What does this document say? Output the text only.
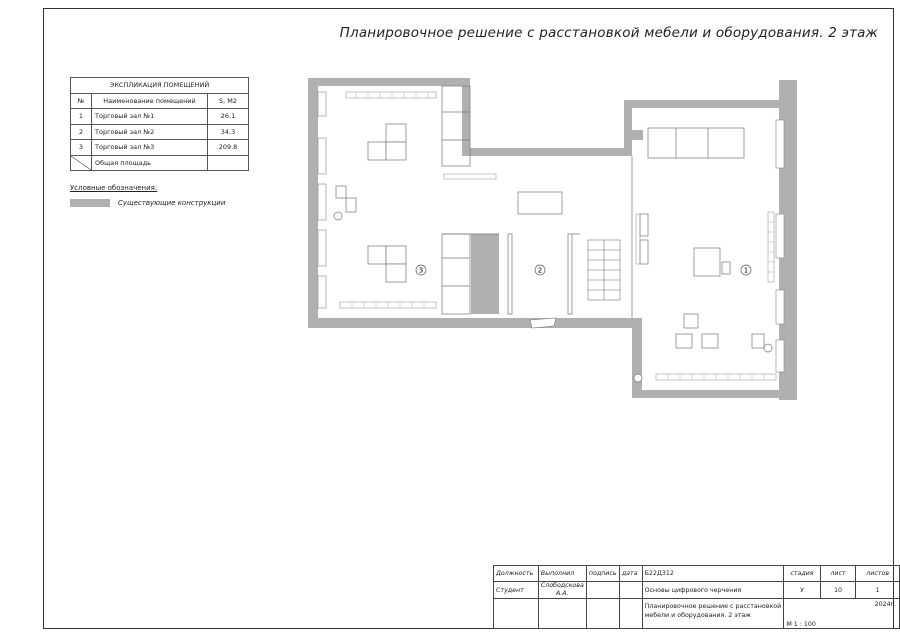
Планировочное решение с расстановкой мебели и оборудования. 2 этаж
ЭКСПЛИКАЦИЯ ПОМЕЩЕНИЙ		
№	Наименование помещений	S, M2
1	Торговый зал №1	26.1
2	Торговый зал №2	34.3
3	Торговый зал №3	209.8

	Общая площадь	
Условные обозначения:
Существующие конструкции
3	2	1
Должность	Выполнил	подпись	дата	Б22Д312	стадия	лист	листов
Студент	Слободскова А.А.			Основы цифрового черчения	У	10	1
				Планировочное решение с расстановкой мебели и оборудования. 2 этаж	2024г.
М 1 : 100		
